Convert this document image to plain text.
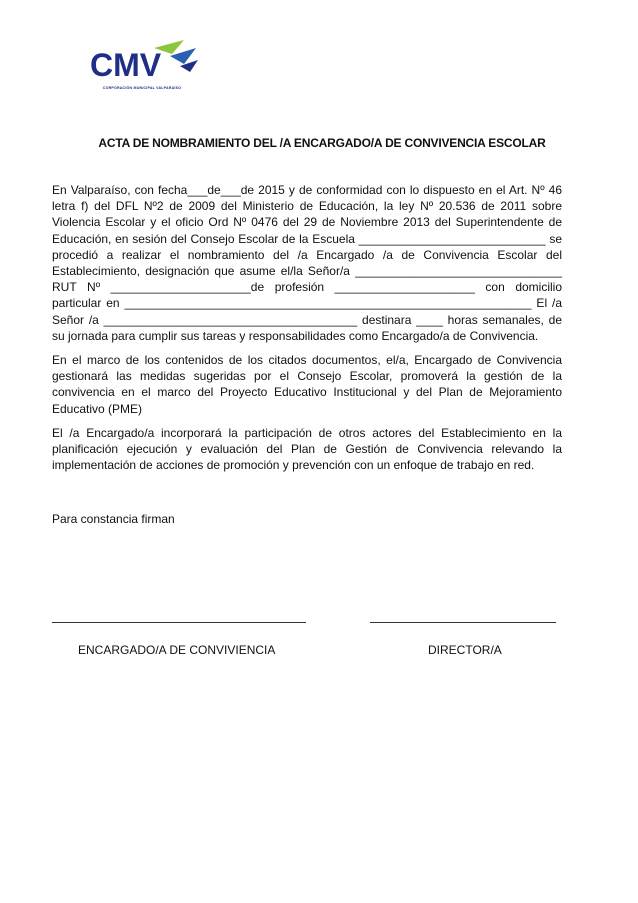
CMV
CORPORACIÓN MUNICIPAL VALPARAÍSO
ACTA DE NOMBRAMIENTO DEL /A ENCARGADO/A DE CONVIVENCIA ESCOLAR

En Valparaíso, con fecha___de___de 2015 y de conformidad con lo dispuesto en el Art. Nº 46 letra f) del DFL Nº2 de 2009 del Ministerio de Educación, la ley Nº 20.536 de 2011 sobre Violencia Escolar y el oficio Ord Nº 0476 del 29 de Noviembre 2013 del Superintendente de Educación, en sesión del Consejo Escolar de la Escuela ____________________________ se procedió a realizar el nombramiento del /a Encargado /a de Convivencia Escolar del Establecimiento, designación que asume el/la Señor/a _______________________________ RUT Nº _____________________de profesión _____________________ con domicilio particular en _____________________________________________________________ El /a Señor /a ______________________________________ destinara ____ horas semanales, de su jornada para cumplir sus tareas y responsabilidades como Encargado/a de Convivencia.

En el marco de los contenidos de los citados documentos, el/a, Encargado de Convivencia gestionará las medidas sugeridas por el Consejo Escolar, promoverá la gestión de la convivencia en el marco del Proyecto Educativo Institucional y del Plan de Mejoramiento Educativo (PME)

El /a Encargado/a incorporará la participación de otros actores del Establecimiento en la planificación ejecución y evaluación del Plan de Gestión de Convivencia relevando la implementación de acciones de promoción y prevención con un enfoque de trabajo en red.

Para constancia firman
ENCARGADO/A DE CONVIVIENCIA	DIRECTOR/A
